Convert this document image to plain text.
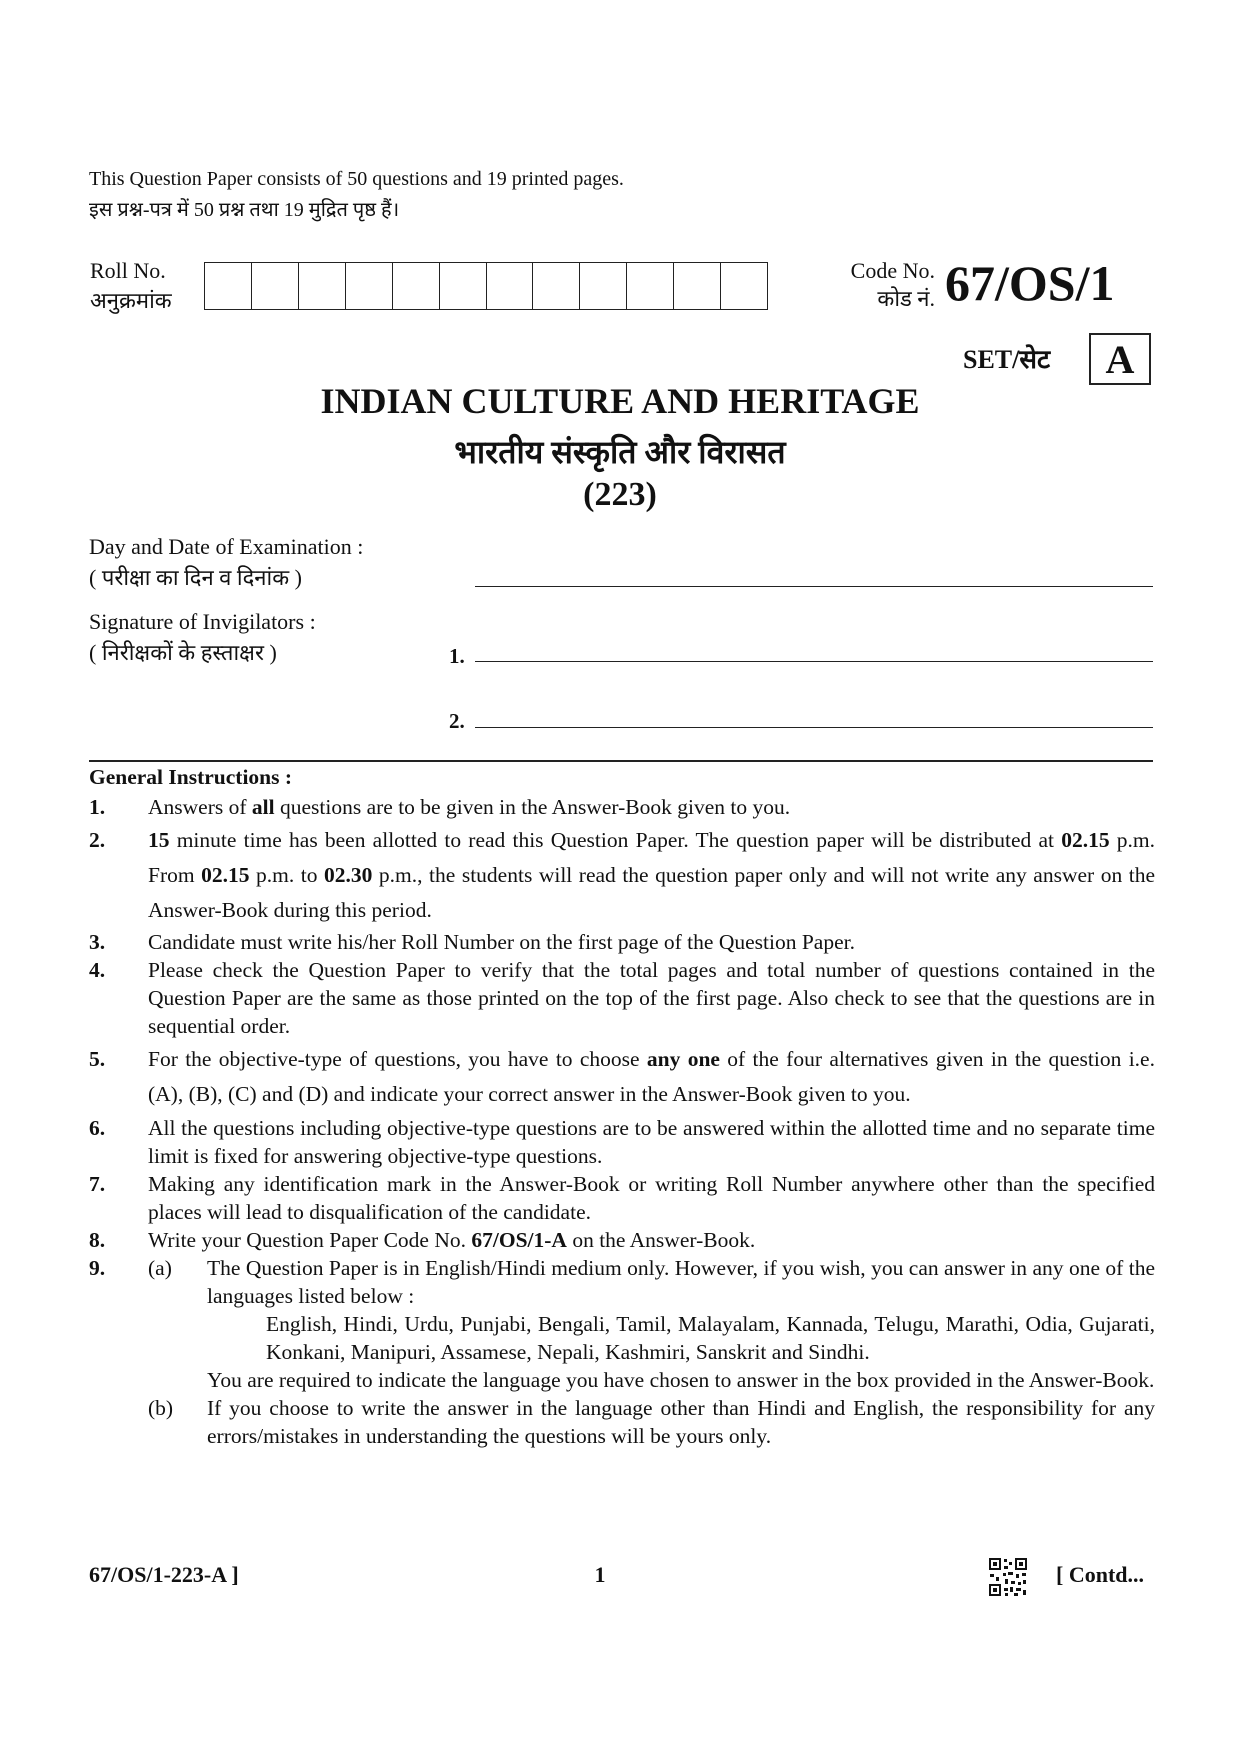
This Question Paper consists of 50 questions and 19 printed pages.
इस प्रश्न-पत्र में 50 प्रश्न तथा 19 मुद्रित पृष्ठ हैं।
Roll No.
अनुक्रमांक
Code No.
कोड नं. 67/OS/1
SET/सेट	A
INDIAN CULTURE AND HERITAGE
भारतीय संस्कृति और विरासत
(223)
Day and Date of Examination :
( परीक्षा का दिन व दिनांक )
Signature of Invigilators :
( निरीक्षकों के हस्ताक्षर )	1.
2.
General Instructions :
1.	Answers of all questions are to be given in the Answer-Book given to you.
2.	15 minute time has been allotted to read this Question Paper. The question paper will be distributed at 02.15 p.m. From 02.15 p.m. to 02.30 p.m., the students will read the question paper only and will not write any answer on the Answer-Book during this period.
3.	Candidate must write his/her Roll Number on the first page of the Question Paper.
4.	Please check the Question Paper to verify that the total pages and total number of questions contained in the Question Paper are the same as those printed on the top of the first page. Also check to see that the questions are in sequential order.
5.	For the objective-type of questions, you have to choose any one of the four alternatives given in the question i.e. (A), (B), (C) and (D) and indicate your correct answer in the Answer-Book given to you.
6.	All the questions including objective-type questions are to be answered within the allotted time and no separate time limit is fixed for answering objective-type questions.
7.	Making any identification mark in the Answer-Book or writing Roll Number anywhere other than the specified places will lead to disqualification of the candidate.
8.	Write your Question Paper Code No. 67/OS/1-A on the Answer-Book.
9.	(a)	The Question Paper is in English/Hindi medium only. However, if you wish, you can answer in any one of the languages listed below :
English, Hindi, Urdu, Punjabi, Bengali, Tamil, Malayalam, Kannada, Telugu, Marathi, Odia, Gujarati, Konkani, Manipuri, Assamese, Nepali, Kashmiri, Sanskrit and Sindhi.
You are required to indicate the language you have chosen to answer in the box provided in the Answer-Book.
(b)	If you choose to write the answer in the language other than Hindi and English, the responsibility for any errors/mistakes in understanding the questions will be yours only.
67/OS/1-223-A ]	1	[ Contd...
